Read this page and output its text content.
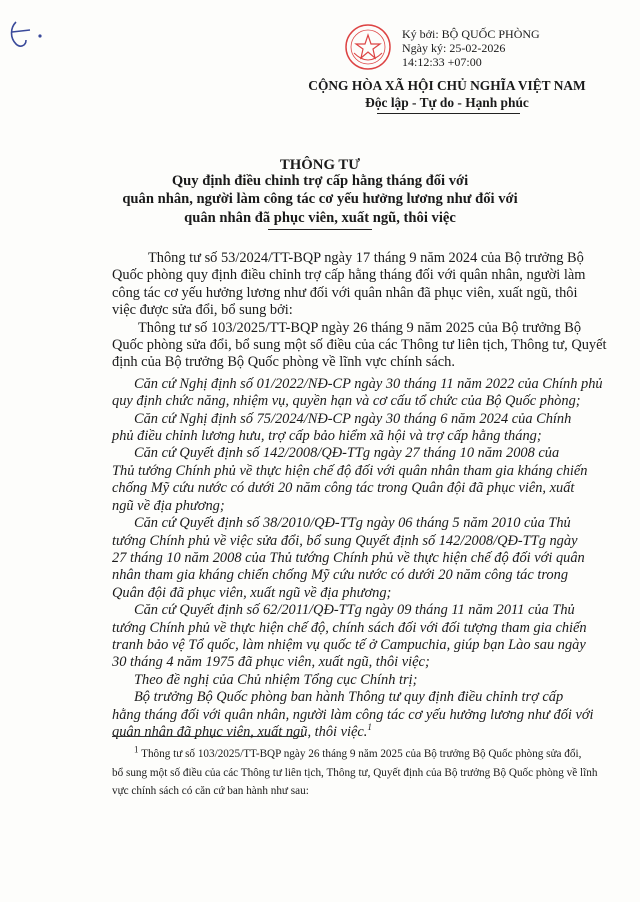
Ký bởi: BỘ QUỐC PHÒNG
Ngày ký: 25-02-2026
14:12:33 +07:00
CỘNG HÒA XÃ HỘI CHỦ NGHĨA VIỆT NAM
Độc lập - Tự do - Hạnh phúc
THÔNG TƯ
Quy định điều chỉnh trợ cấp hằng tháng đối với
quân nhân, người làm công tác cơ yếu hưởng lương như đối với
quân nhân đã phục viên, xuất ngũ, thôi việc
Thông tư số 53/2024/TT-BQP ngày 17 tháng 9 năm 2024 của Bộ trưởng Bộ
Quốc phòng quy định điều chỉnh trợ cấp hằng tháng đối với quân nhân, người làm
công tác cơ yếu hưởng lương như đối với quân nhân đã phục viên, xuất ngũ, thôi
việc được sửa đổi, bổ sung bởi:
Thông tư số 103/2025/TT-BQP ngày 26 tháng 9 năm 2025 của Bộ trưởng Bộ
Quốc phòng sửa đổi, bổ sung một số điều của các Thông tư liên tịch, Thông tư, Quyết
định của Bộ trưởng Bộ Quốc phòng về lĩnh vực chính sách.
Căn cứ Nghị định số 01/2022/NĐ-CP ngày 30 tháng 11 năm 2022 của Chính phủ
quy định chức năng, nhiệm vụ, quyền hạn và cơ cấu tổ chức của Bộ Quốc phòng;
Căn cứ Nghị định số 75/2024/NĐ-CP ngày 30 tháng 6 năm 2024 của Chính
phủ điều chỉnh lương hưu, trợ cấp bảo hiểm xã hội và trợ cấp hằng tháng;
Căn cứ Quyết định số 142/2008/QĐ-TTg ngày 27 tháng 10 năm 2008 của
Thủ tướng Chính phủ về thực hiện chế độ đối với quân nhân tham gia kháng chiến
chống Mỹ cứu nước có dưới 20 năm công tác trong Quân đội đã phục viên, xuất
ngũ về địa phương;
Căn cứ Quyết định số 38/2010/QĐ-TTg ngày 06 tháng 5 năm 2010 của Thủ
tướng Chính phủ về việc sửa đổi, bổ sung Quyết định số 142/2008/QĐ-TTg ngày
27 tháng 10 năm 2008 của Thủ tướng Chính phủ về thực hiện chế độ đối với quân
nhân tham gia kháng chiến chống Mỹ cứu nước có dưới 20 năm công tác trong
Quân đội đã phục viên, xuất ngũ về địa phương;
Căn cứ Quyết định số 62/2011/QĐ-TTg ngày 09 tháng 11 năm 2011 của Thủ
tướng Chính phủ về thực hiện chế độ, chính sách đối với đối tượng tham gia chiến
tranh bảo vệ Tổ quốc, làm nhiệm vụ quốc tế ở Campuchia, giúp bạn Lào sau ngày
30 tháng 4 năm 1975 đã phục viên, xuất ngũ, thôi việc;
Theo đề nghị của Chủ nhiệm Tổng cục Chính trị;
Bộ trưởng Bộ Quốc phòng ban hành Thông tư quy định điều chỉnh trợ cấp
hằng tháng đối với quân nhân, người làm công tác cơ yếu hưởng lương như đối với
quân nhân đã phục viên, xuất ngũ, thôi việc.$^1$
$^1$ Thông tư số 103/2025/TT-BQP ngày 26 tháng 9 năm 2025 của Bộ trưởng Bộ Quốc phòng sửa đổi,
bổ sung một số điều của các Thông tư liên tịch, Thông tư, Quyết định của Bộ trưởng Bộ Quốc phòng về lĩnh
vực chính sách có căn cứ ban hành như sau:
